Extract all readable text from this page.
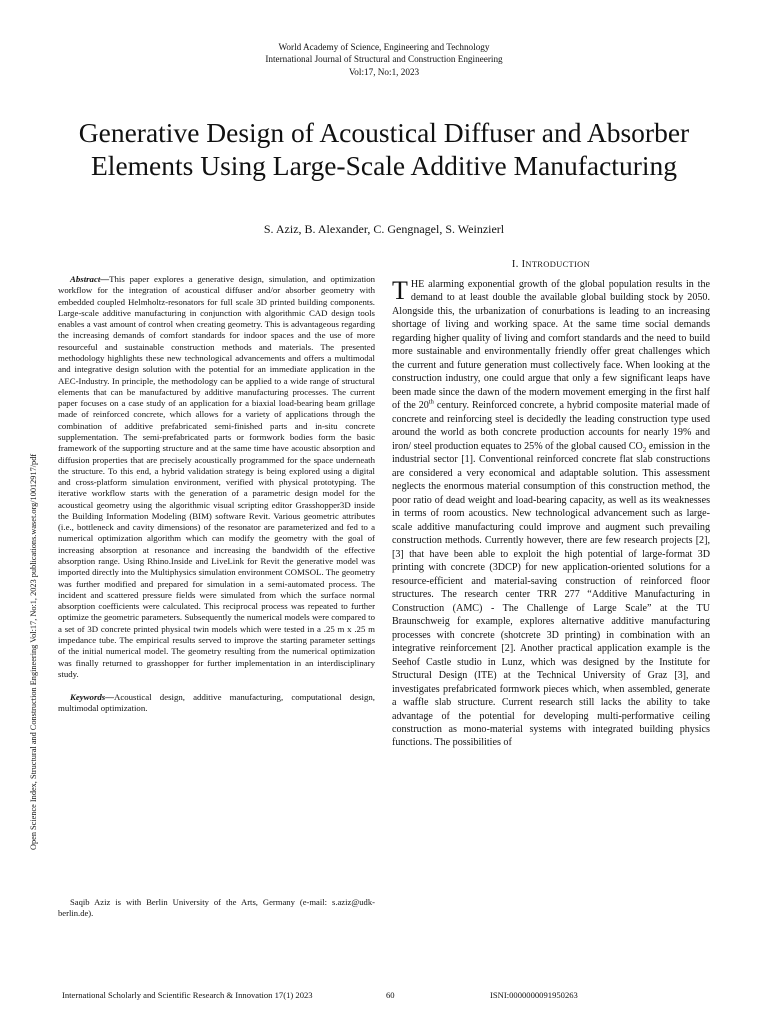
World Academy of Science, Engineering and Technology
International Journal of Structural and Construction Engineering
Vol:17, No:1, 2023
Generative Design of Acoustical Diffuser and Absorber Elements Using Large-Scale Additive Manufacturing
S. Aziz, B. Alexander, C. Gengnagel, S. Weinzierl
Open Science Index, Structural and Construction Engineering Vol:17, No:1, 2023 publications.waset.org/10012917/pdf

Abstract—This paper explores a generative design, simulation, and optimization workflow for the integration of acoustical diffuser and/or absorber geometry with embedded coupled Helmholtz-resonators for full scale 3D printed building components. Large-scale additive manufacturing in conjunction with algorithmic CAD design tools enables a vast amount of control when creating geometry. This is advantageous regarding the increasing demands of comfort standards for indoor spaces and the use of more resourceful and sustainable construction methods and materials. The presented methodology highlights these new technological advancements and offers a multimodal and integrative design solution with the potential for an immediate application in the AEC-Industry. In principle, the methodology can be applied to a wide range of structural elements that can be manufactured by additive manufacturing processes. The current paper focuses on a case study of an application for a biaxial load-bearing beam grillage made of reinforced concrete, which allows for a variety of applications through the combination of additive prefabricated semi-finished parts and in-situ concrete supplementation. The semi-prefabricated parts or formwork bodies form the basic framework of the supporting structure and at the same time have acoustic absorption and diffusion properties that are precisely acoustically programmed for the space underneath the structure. To this end, a hybrid validation strategy is being explored using a digital and cross-platform simulation environment, verified with physical prototyping. The iterative workflow starts with the generation of a parametric design model for the acoustical geometry using the algorithmic visual scripting editor Grasshopper3D inside the Building Information Modeling (BIM) software Revit. Various geometric attributes (i.e., bottleneck and cavity dimensions) of the resonator are parameterized and fed to a numerical optimization algorithm which can modify the geometry with the goal of increasing absorption at resonance and increasing the bandwidth of the effective absorption range. Using Rhino.Inside and LiveLink for Revit the generative model was imported directly into the Multiphysics simulation environment COMSOL. The geometry was further modified and prepared for simulation in a semi-automated process. The incident and scattered pressure fields were simulated from which the surface normal absorption coefficients were calculated. This reciprocal process was repeated to further optimize the geometric parameters. Subsequently the numerical models were compared to a set of 3D concrete printed physical twin models which were tested in a .25 m x .25 m impedance tube. The empirical results served to improve the starting parameter settings of the initial numerical model. The geometry resulting from the numerical optimization was finally returned to grasshopper for further implementation in an interdisciplinary study.

Keywords—Acoustical design, additive manufacturing, computational design, multimodal optimization.

Saqib Aziz is with Berlin University of the Arts, Germany (e-mail: s.aziz@udk-berlin.de).
I. INTRODUCTION

THE alarming exponential growth of the global population results in the demand to at least double the available global building stock by 2050. Alongside this, the urbanization of conurbations is leading to an increasing shortage of living and working space. At the same time social demands regarding higher quality of living and comfort standards and the need to build more sustainable and environmentally friendly offer great challenges which the current and future generation must collectively face. When looking at the construction industry, one could argue that only a few significant leaps have been made since the dawn of the modern movement emerging in the first half of the 20th century. Reinforced concrete, a hybrid composite material made of concrete and reinforcing steel is decidedly the leading construction type used around the world as both concrete production accounts for nearly 19% and iron/ steel production equates to 25% of the global caused $CO_2$ emission in the industrial sector [1]. Conventional reinforced concrete flat slab constructions are considered a very economical and adaptable solution. This assessment neglects the enormous material consumption of this construction method, the poor ratio of dead weight and load-bearing capacity, as well as its weaknesses in terms of room acoustics. New technological advancement such as large-scale additive manufacturing could improve and augment such prevailing construction methods. Currently however, there are few research projects [2], [3] that have been able to exploit the high potential of large-format 3D printing with concrete (3DCP) for new application-oriented solutions for a resource-efficient and material-saving construction of reinforced floor structures. The research center TRR 277 “Additive Manufacturing in Construction (AMC) - The Challenge of Large Scale” at the TU Braunschweig for example, explores alternative additive manufacturing processes with concrete (shotcrete 3D printing) in combination with an integrative reinforcement [2]. Another practical application example is the Seehof Castle studio in Lunz, which was designed by the Institute for Structural Design (ITE) at the Technical University of Graz [3], and investigates prefabricated formwork pieces which, when assembled, generate a waffle slab structure. Current research still lacks the ability to take advantage of the potential for developing multi-performative ceiling construction as mono-material systems with integrated building physics functions. The possibilities of

International Scholarly and Scientific Research & Innovation 17(1) 2023	60	ISNI:0000000091950263
